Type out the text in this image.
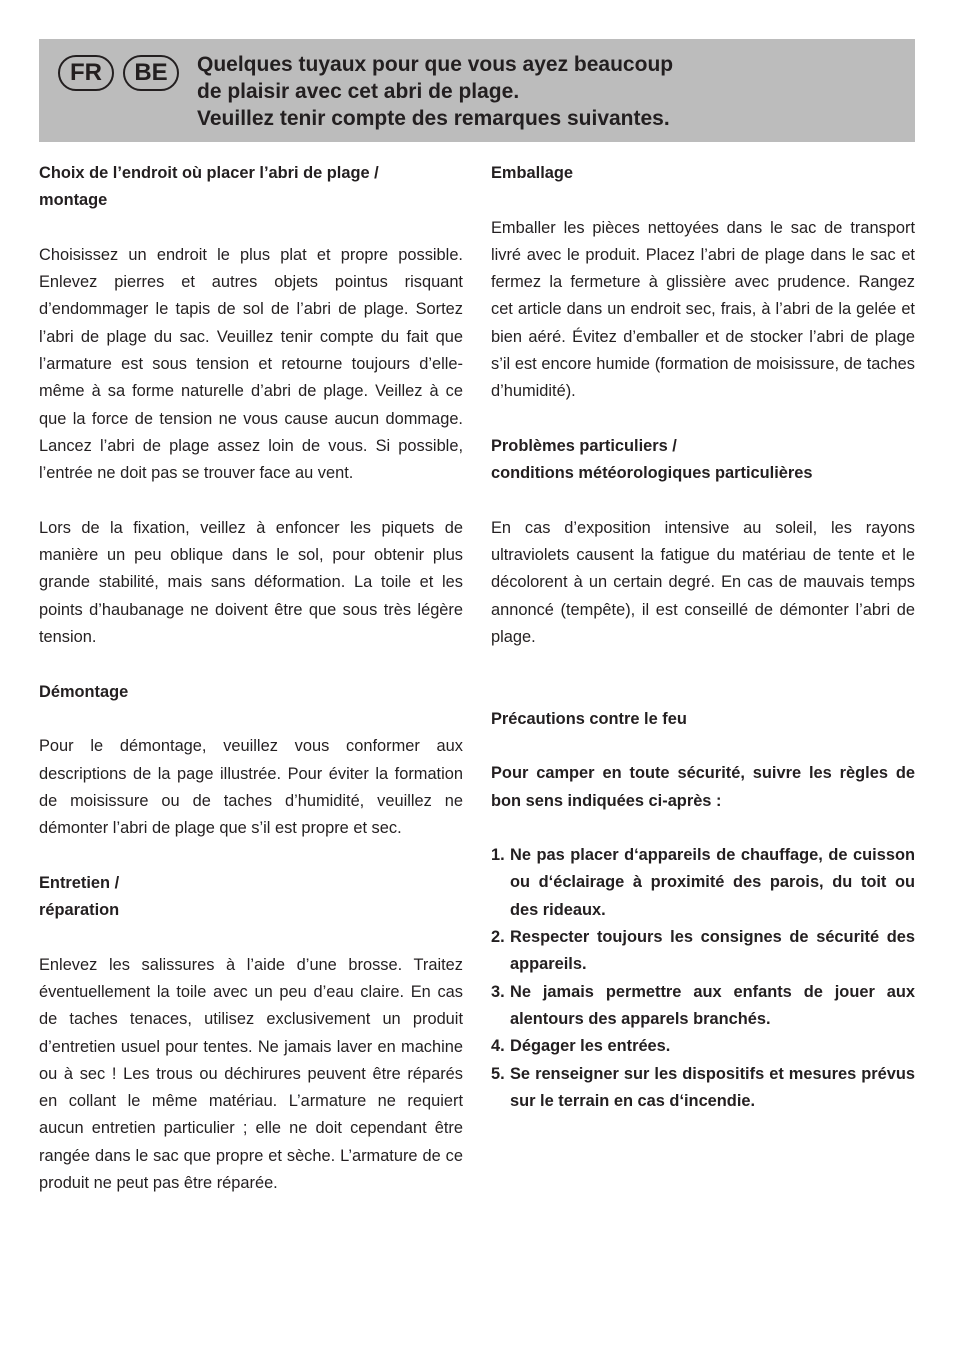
FR	BE	Quelques tuyaux pour que vous ayez beaucoup
de plaisir avec cet abri de plage.
Veuillez tenir compte des remarques suivantes.
Choix de l’endroit où placer l’abri de plage /
montage

Choisissez un endroit le plus plat et propre possible. Enlevez pierres et autres objets pointus risquant d’endommager le tapis de sol de l’abri de plage. Sortez l’abri de plage du sac. Veuillez tenir compte du fait que l’armature est sous tension et retourne toujours d’elle-même à sa forme naturelle d’abri de plage. Veillez à ce que la force de tension ne vous cause aucun dommage. Lancez l’abri de plage assez loin de vous. Si possible, l’entrée ne doit pas se trouver face au vent.

Lors de la fixation, veillez à enfoncer les piquets de manière un peu oblique dans le sol, pour obtenir plus grande stabilité, mais sans déformation. La toile et les points d’haubanage ne doivent être que sous très légère tension.

Démontage

Pour le démontage, veuillez vous conformer aux descriptions de la page illustrée. Pour éviter la formation de moisissure ou de taches d’humidité, veuillez ne démonter l’abri de plage que s’il est propre et sec.

Entretien /
réparation

Enlevez les salissures à l’aide d’une brosse. Traitez éventuellement la toile avec un peu d’eau claire. En cas de taches tenaces, utilisez exclusivement un produit d’entretien usuel pour tentes. Ne jamais laver en machine ou à sec ! Les trous ou déchirures peuvent être réparés en collant le même matériau. L’armature ne requiert aucun entretien particulier ; elle ne doit cependant être rangée dans le sac que propre et sèche. L’armature de ce produit ne peut pas être réparée.

Emballage

Emballer les pièces nettoyées dans le sac de transport livré avec le produit. Placez l’abri de plage dans le sac et fermez la fermeture à glissière avec prudence. Rangez cet article dans un endroit sec, frais, à l’abri de la gelée et bien aéré. Évitez d’emballer et de stocker l’abri de plage s’il est encore humide (formation de moisissure, de taches d’humidité).

Problèmes particuliers /
conditions météorologiques particulières

En cas d’exposition intensive au soleil, les rayons ultraviolets causent la fatigue du matériau de tente et le décolorent à un certain degré. En cas de mauvais temps annoncé (tempête), il est conseillé de démonter l’abri de plage.

Précautions contre le feu

Pour camper en toute sécurité, suivre les règles de bon sens indiquées ci-après :

1. Ne pas placer d‘appareils de chauffage, de cuisson ou d‘éclairage à proximité des parois, du toit ou des rideaux.
2. Respecter toujours les consignes de sécurité des appareils.
3. Ne jamais permettre aux enfants de jouer aux alentours des apparels branchés.
4. Dégager les entrées.
5. Se renseigner sur les dispositifs et mesures prévus sur le terrain en cas d‘incendie.
